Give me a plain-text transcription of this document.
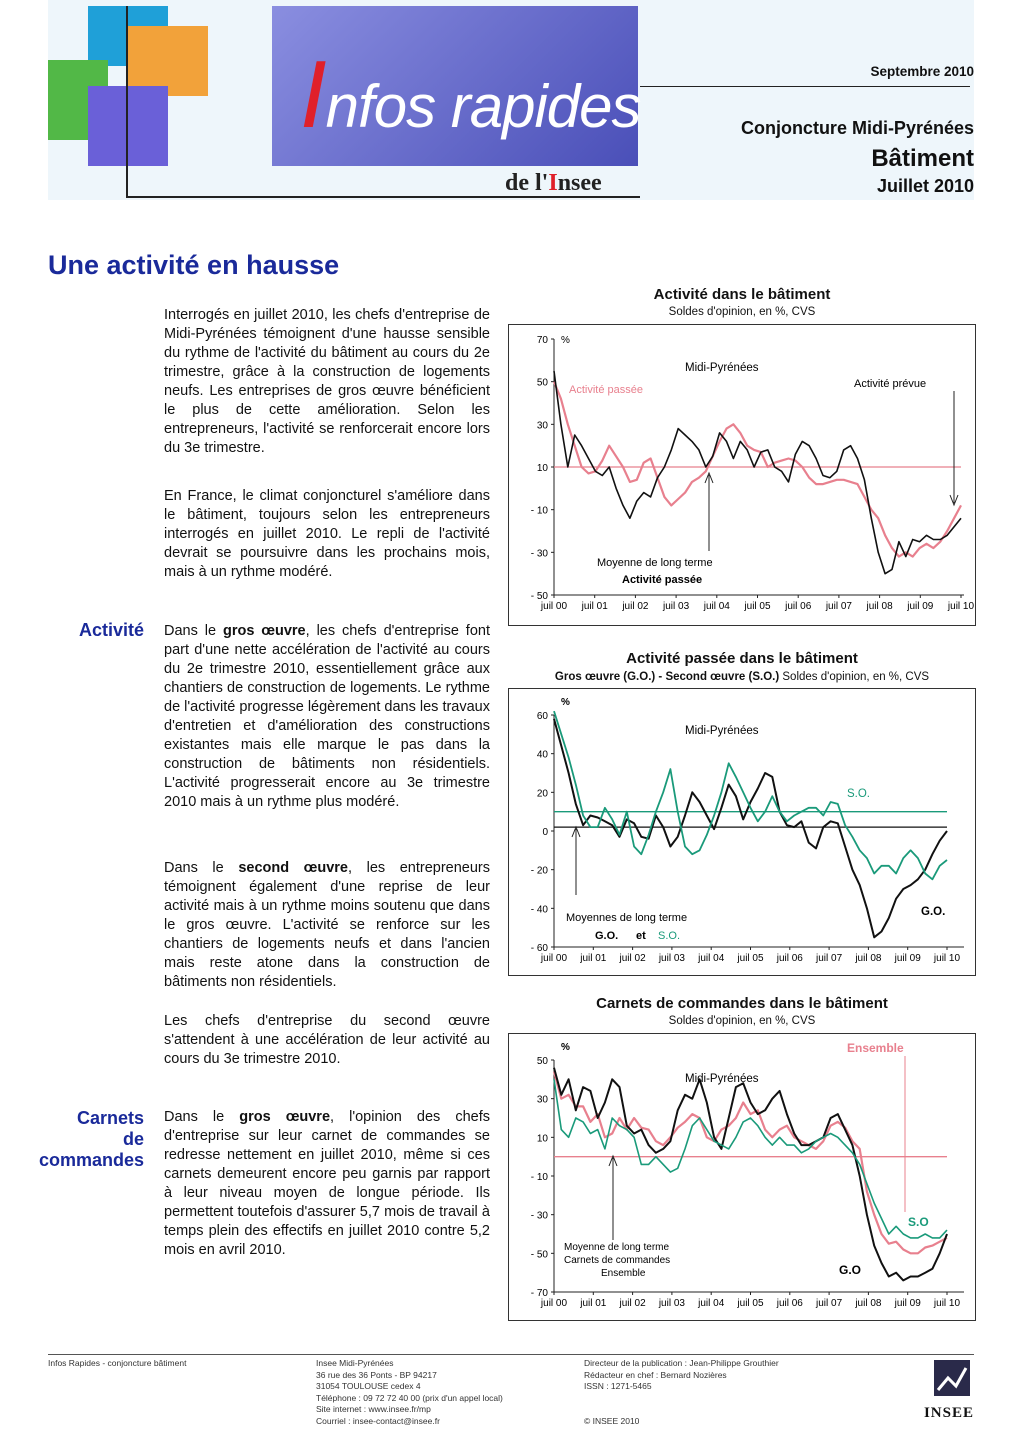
Infos rapides
de l'Insee
Septembre 2010
Conjoncture Midi-Pyrénées
Bâtiment
Juillet 2010
Une activité en hausse
Interrogés en juillet 2010, les chefs d'entreprise de Midi-Pyrénées témoignent d'une hausse sensible du rythme de l'activité du bâtiment au cours du 2e trimestre, grâce à la construction de logements neufs. Les entreprises de gros œuvre bénéficient le plus de cette amélioration. Selon les entrepreneurs, l'activité se renforcerait encore lors du 3e trimestre.
En France, le climat conjoncturel s'améliore dans le bâtiment, toujours selon les entrepreneurs interrogés en juillet 2010. Le repli de l'activité devrait se poursuivre dans les prochains mois, mais à un rythme modéré.
Activité Dans le gros œuvre, les chefs d'entreprise font part d'une nette accélération de l'activité au cours du 2e trimestre 2010, essentiellement grâce aux chantiers de construction de logements. Le rythme de l'activité progresse légèrement dans les travaux d'entretien et d'amélioration des constructions existantes mais elle marque le pas dans la construction de bâtiments non résidentiels. L'activité progresserait encore au 3e trimestre 2010 mais à un rythme plus modéré.
Dans le second œuvre, les entrepreneurs témoignent également d'une reprise de leur activité mais à un rythme moins soutenu que dans le gros œuvre. L'activité se renforce sur les chantiers de logements neufs et dans l'ancien mais reste atone dans la construction de bâtiments non résidentiels.
Les chefs d'entreprise du second œuvre s'attendent à une accélération de leur activité au cours du 3e trimestre 2010.
Carnets
de
commandes
Dans le gros œuvre, l'opinion des chefs d'entreprise sur leur carnet de commandes se redresse nettement en juillet 2010, même si ces carnets demeurent encore peu garnis par rapport à leur niveau moyen de longue période. Ils permettent toutefois d'assurer 5,7 mois de travail à temps plein des effectifs en juillet 2010 contre 5,2 mois en avril 2010.
Activité dans le bâtiment
Soldes d'opinion, en %, CVS
70
50
30
10
- 10
- 30
- 50
juil 00 juil 01 juil 02 juil 03 juil 04 juil 05 juil 06 juil 07 juil 08 juil 09 juil 10
%
Midi-Pyrénées
Activité passée	Activité prévue
Moyenne de long terme
Activité passée
Activité passée dans le bâtiment
Gros œuvre (G.O.) - Second œuvre (S.O.) Soldes d'opinion, en %, CVS
60
40
20
0
- 20
- 40
- 60
juil 00 juil 01 juil 02 juil 03 juil 04 juil 05 juil 06 juil 07 juil 08 juil 09 juil 10
%
Midi-Pyrénées
S.O.
G.O.
Moyennes de long terme
G.O. et S.O.
Carnets de commandes dans le bâtiment
Soldes d'opinion, en %, CVS
50
30
10
- 10
- 30
- 50
- 70
juil 00 juil 01 juil 02 juil 03 juil 04 juil 05 juil 06 juil 07 juil 08 juil 09 juil 10
%
Midi-Pyrénées
Ensemble
S.O
G.O
Moyenne de long terme
Carnets de commandes
Ensemble
Infos Rapides - conjoncture bâtiment	Insee Midi-Pyrénées
36 rue des 36 Ponts - BP 94217
31054 TOULOUSE cedex 4
Téléphone : 09 72 72 40 00 (prix d'un appel local)
Site internet : www.insee.fr/mp
Courriel : insee-contact@insee.fr
Directeur de la publication : Jean-Philippe Grouthier
Rédacteur en chef : Bernard Nozières
ISSN : 1271-5465
© INSEE 2010	INSEE
